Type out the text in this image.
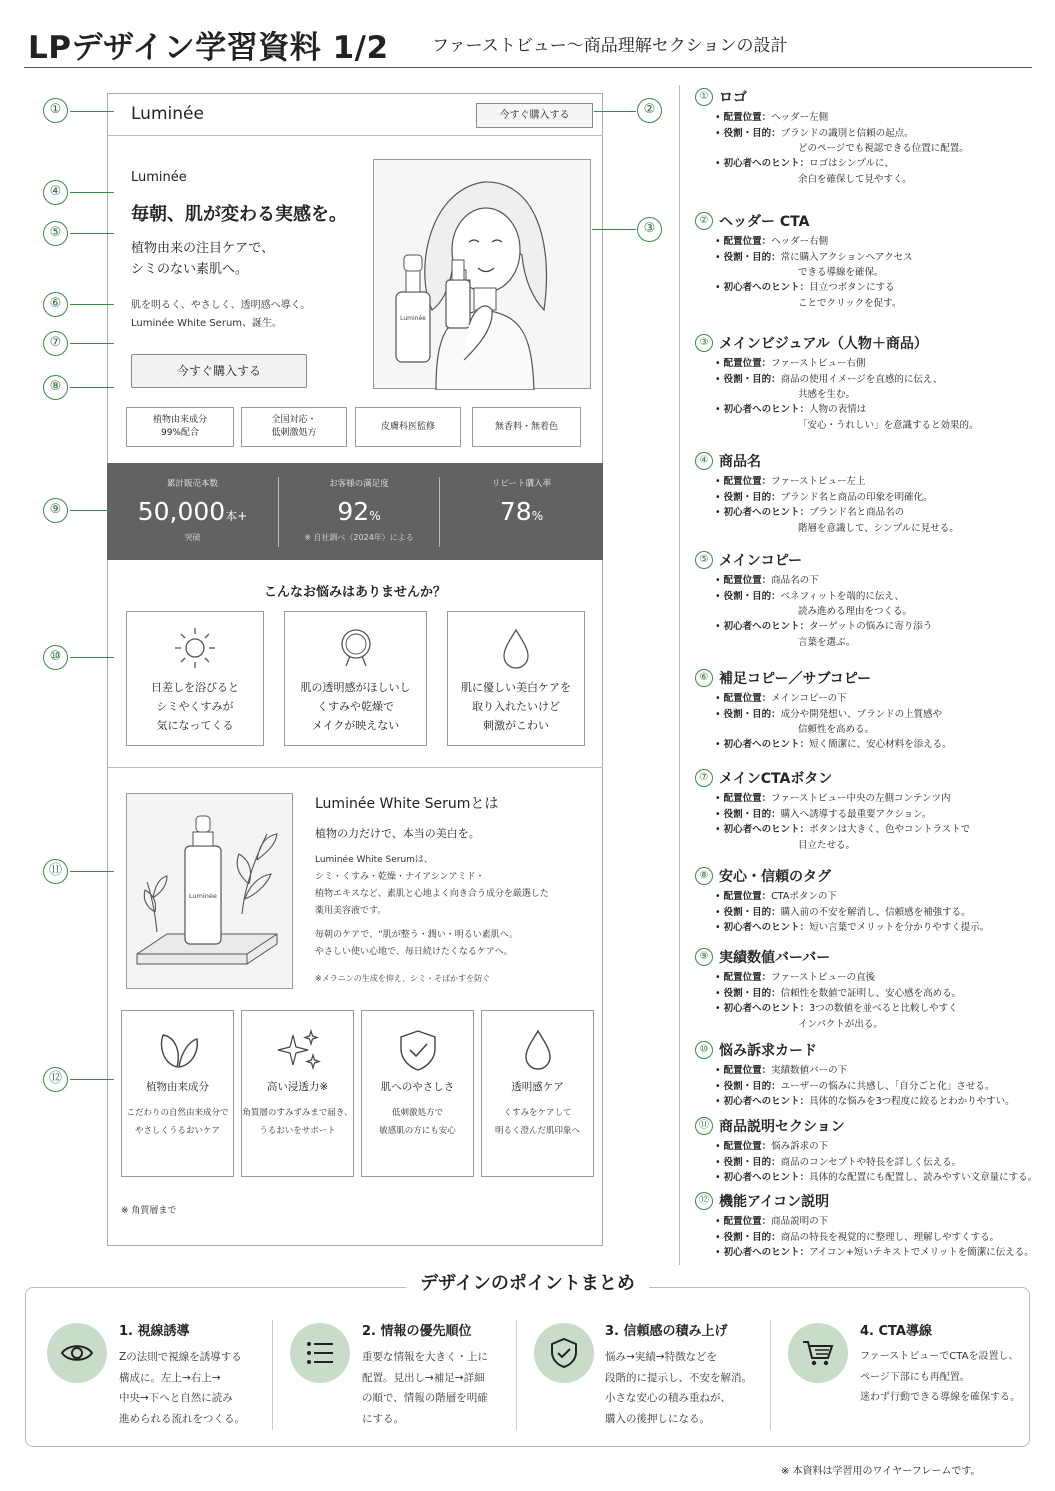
LPデザイン学習資料 1/2	ファーストビュー〜商品理解セクションの設計
Luminée	今すぐ購入する
Luminée
毎朝、肌が変わる実感を。
植物由来の注目ケアで、
シミのない素肌へ。
肌を明るく、やさしく、透明感へ導く。
Luminée White Serum、誕生。
今すぐ購入する
Luminée
植物由来成分
99%配合
全国対応・
低刺激処方
皮膚科医監修	無香料・無着色
累計販売本数
50,000本+
突破
お客様の満足度
92%
※ 自社調べ（2024年）による
リピート購入率
78%
こんなお悩みはありませんか？
日差しを浴びると
シミやくすみが
気になってくる
肌の透明感がほしいし
くすみや乾燥で
メイクが映えない
肌に優しい美白ケアを
取り入れたいけど
刺激がこわい
Luminée
Luminée White Serumとは
植物の力だけで、本当の美白を。
Luminée White Serumは、
シミ・くすみ・乾燥・ナイアシンアミド・
植物エキスなど、素肌と心地よく向き合う成分を厳選した
薬用美容液です。
毎朝のケアで、“肌が整う・潤い・明るい素肌へ。
やさしい使い心地で、毎日続けたくなるケアへ。
※メラニンの生成を抑え、シミ・そばかすを防ぐ
植物由来成分
こだわりの自然由来成分で
やさしくうるおいケア
高い浸透力※
角質層のすみずみまで届き、
うるおいをサポート
肌へのやさしさ
低刺激処方で
敏感肌の方にも安心
透明感ケア
くすみをケアして
明るく澄んだ肌印象へ
※ 角質層まで
①
④
⑤
⑥
⑦
⑧
⑨
⑩
⑪
⑫
②
③
① ロゴ
• 配置位置：ヘッダー左側
• 役割・目的：ブランドの識別と信頼の起点。
どのページでも視認できる位置に配置。
• 初心者へのヒント：ロゴはシンプルに、
余白を確保して見やすく。
② ヘッダー CTA
• 配置位置：ヘッダー右側
• 役割・目的：常に購入アクションへアクセス
できる導線を確保。
• 初心者へのヒント：目立つボタンにする
ことでクリックを促す。
③ メインビジュアル（人物＋商品）
• 配置位置：ファーストビュー右側
• 役割・目的：商品の使用イメージを直感的に伝え、
共感を生む。
• 初心者へのヒント：人物の表情は
「安心・うれしい」を意識すると効果的。
④ 商品名
• 配置位置：ファーストビュー左上
• 役割・目的：ブランド名と商品の印象を明確化。
• 初心者へのヒント：ブランド名と商品名の
階層を意識して、シンプルに見せる。
⑤ メインコピー
• 配置位置：商品名の下
• 役割・目的：ベネフィットを端的に伝え、
読み進める理由をつくる。
• 初心者へのヒント：ターゲットの悩みに寄り添う
言葉を選ぶ。
⑥ 補足コピー／サブコピー
• 配置位置：メインコピーの下
• 役割・目的：成分や開発想い、ブランドの上質感や
信頼性を高める。
• 初心者へのヒント：短く簡潔に、安心材料を添える。
⑦ メインCTAボタン
• 配置位置：ファーストビュー中央の左側コンテンツ内
• 役割・目的：購入へ誘導する最重要アクション。
• 初心者へのヒント：ボタンは大きく、色やコントラストで
目立たせる。
⑧ 安心・信頼のタグ
• 配置位置：CTAボタンの下
• 役割・目的：購入前の不安を解消し、信頼感を補強する。
• 初心者へのヒント：短い言葉でメリットを分かりやすく提示。
⑨ 実績数値バーバー
• 配置位置：ファーストビューの直後
• 役割・目的：信頼性を数値で証明し、安心感を高める。
• 初心者へのヒント：3つの数値を並べると比較しやすく
インパクトが出る。
⑩ 悩み訴求カード
• 配置位置：実績数値バーの下
• 役割・目的：ユーザーの悩みに共感し、「自分ごと化」させる。
• 初心者へのヒント：具体的な悩みを3つ程度に絞るとわかりやすい。
⑪ 商品説明セクション
• 配置位置：悩み訴求の下
• 役割・目的：商品のコンセプトや特長を詳しく伝える。
• 初心者へのヒント：具体的な配置にも配置し、読みやすい文章量にする。
⑫ 機能アイコン説明
• 配置位置：商品説明の下
• 役割・目的：商品の特長を視覚的に整理し、理解しやすくする。
• 初心者へのヒント：アイコン+短いテキストでメリットを簡潔に伝える。
デザインのポイントまとめ
1. 視線誘導
Zの法則で視線を誘導する
構成に。左上→右上→
中央→下へと自然に読み
進められる流れをつくる。
2. 情報の優先順位
重要な情報を大きく・上に
配置。見出し→補足→詳細
の順で、情報の階層を明確
にする。
3. 信頼感の積み上げ
悩み→実績→特徴などを
段階的に提示し、不安を解消。
小さな安心の積み重ねが、
購入の後押しになる。
4. CTA導線
ファーストビューでCTAを設置し、
ページ下部にも再配置。
迷わず行動できる導線を確保する。
※ 本資料は学習用のワイヤーフレームです。
